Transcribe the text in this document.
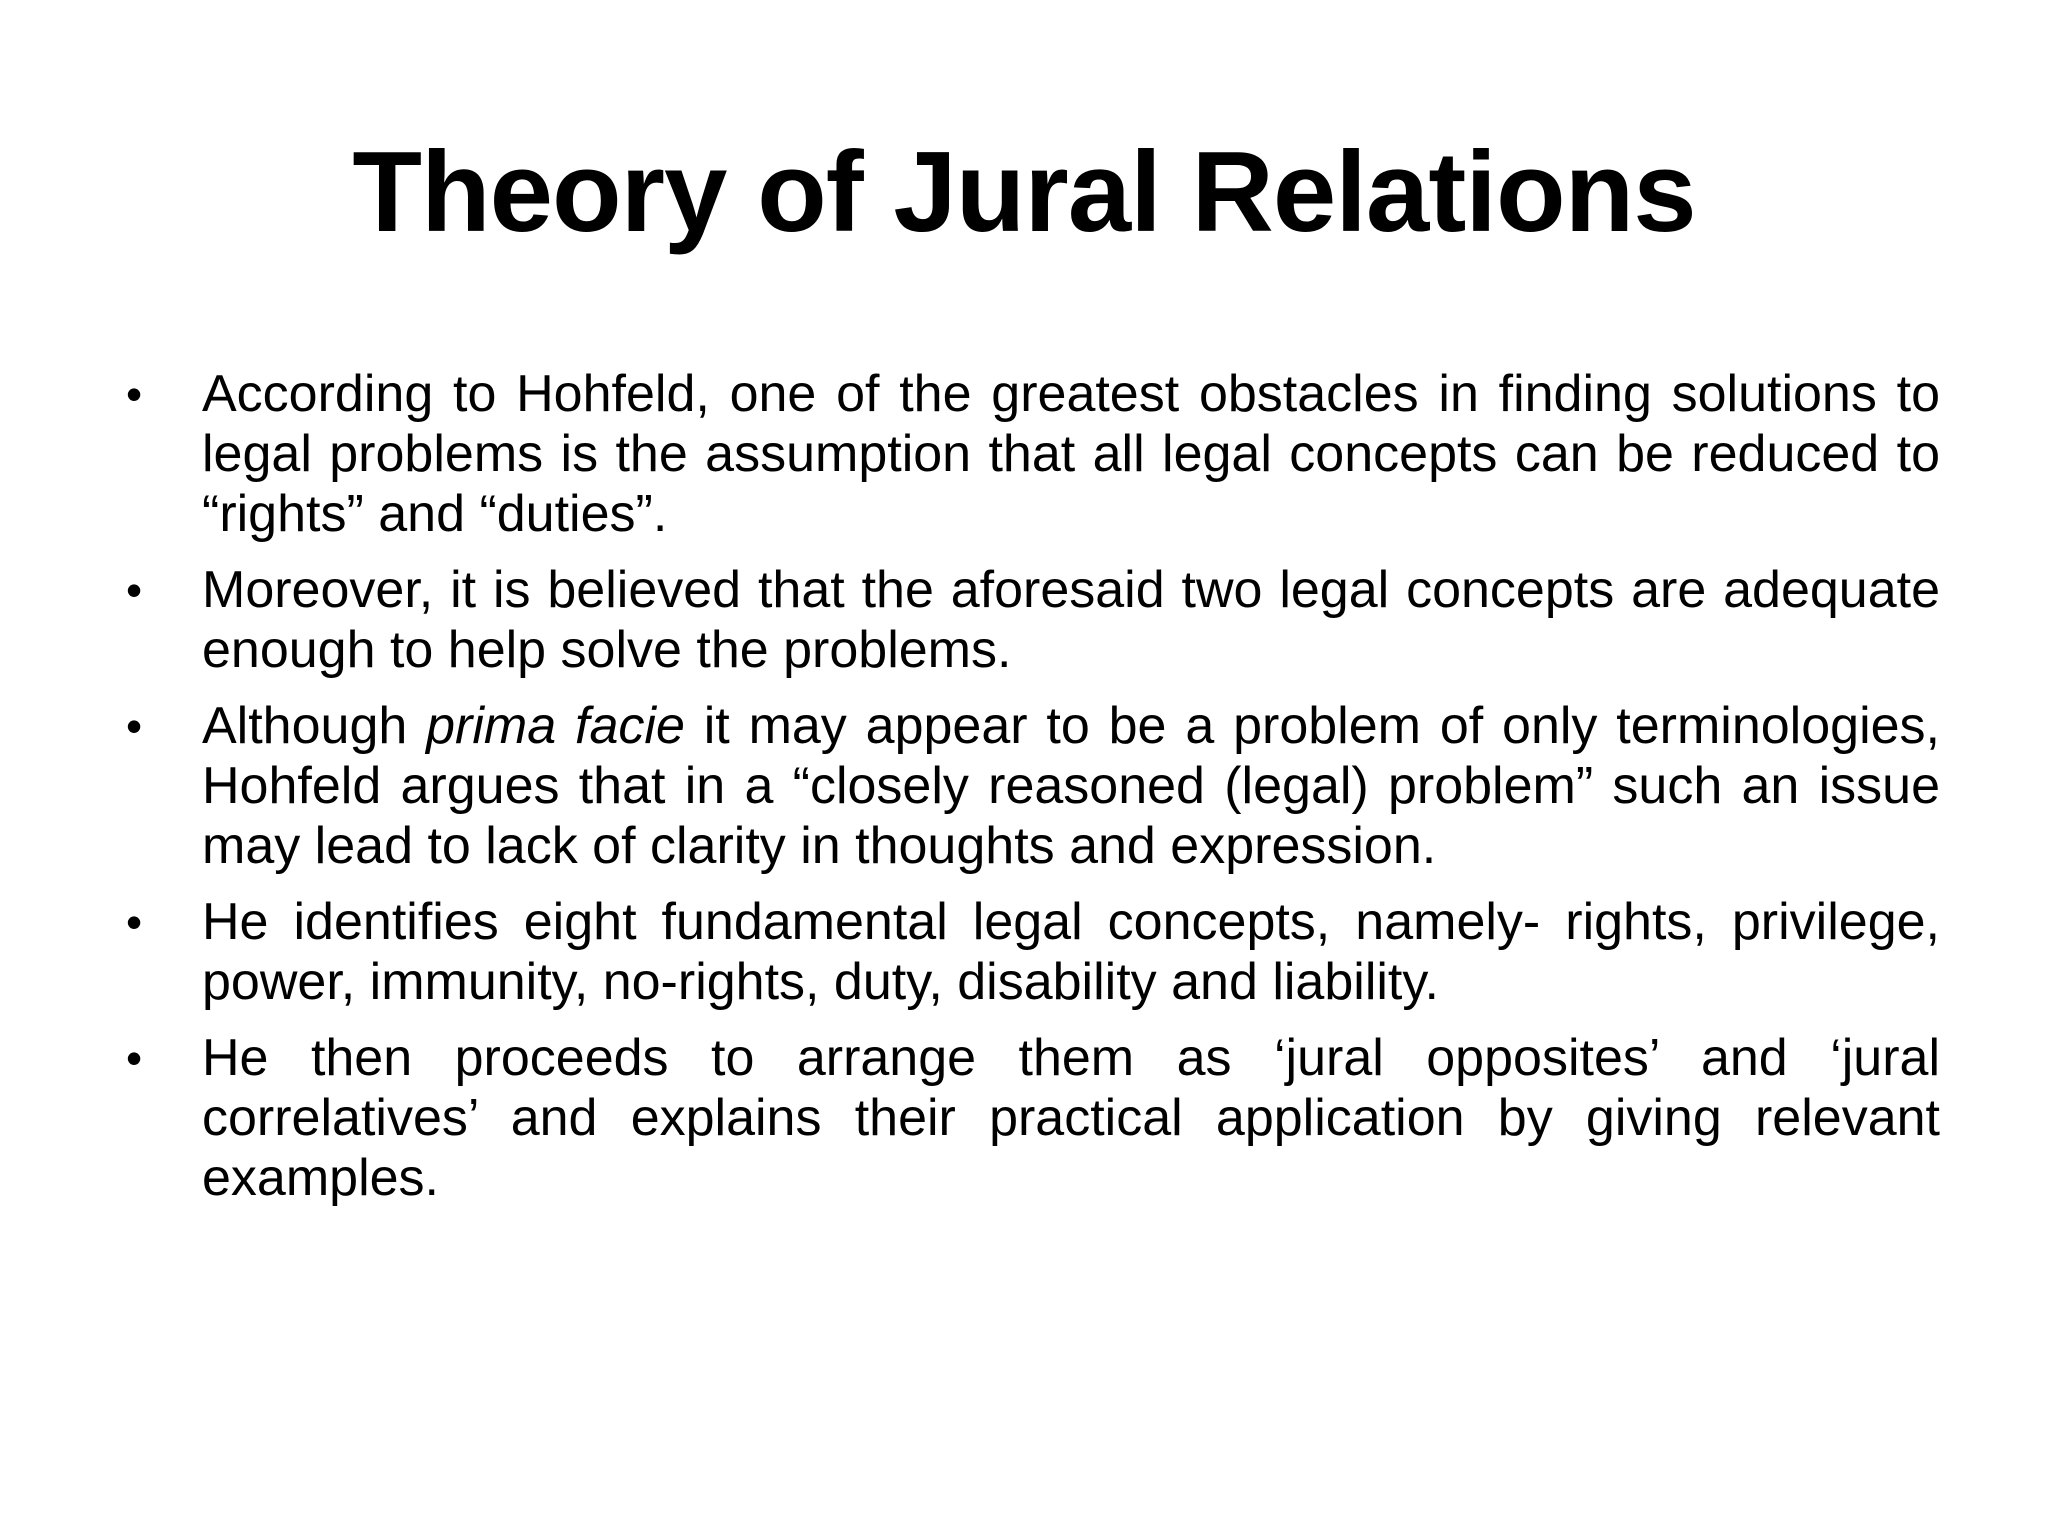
Theory of Jural Relations
•	According to Hohfeld, one of the greatest obstacles in finding solutions to legal problems is the assumption that all legal concepts can be reduced to “rights” and “duties”.
•	Moreover, it is believed that the aforesaid two legal concepts are adequate enough to help solve the problems.
•	Although prima facie it may appear to be a problem of only terminologies, Hohfeld argues that in a “closely reasoned (legal) problem” such an issue may lead to lack of clarity in thoughts and expression.
•	He identifies eight fundamental legal concepts, namely- rights, privilege, power, immunity, no-rights, duty, disability and liability.
•	He then proceeds to arrange them as ‘jural opposites’ and ‘jural correlatives’ and explains their practical application by giving relevant examples.
